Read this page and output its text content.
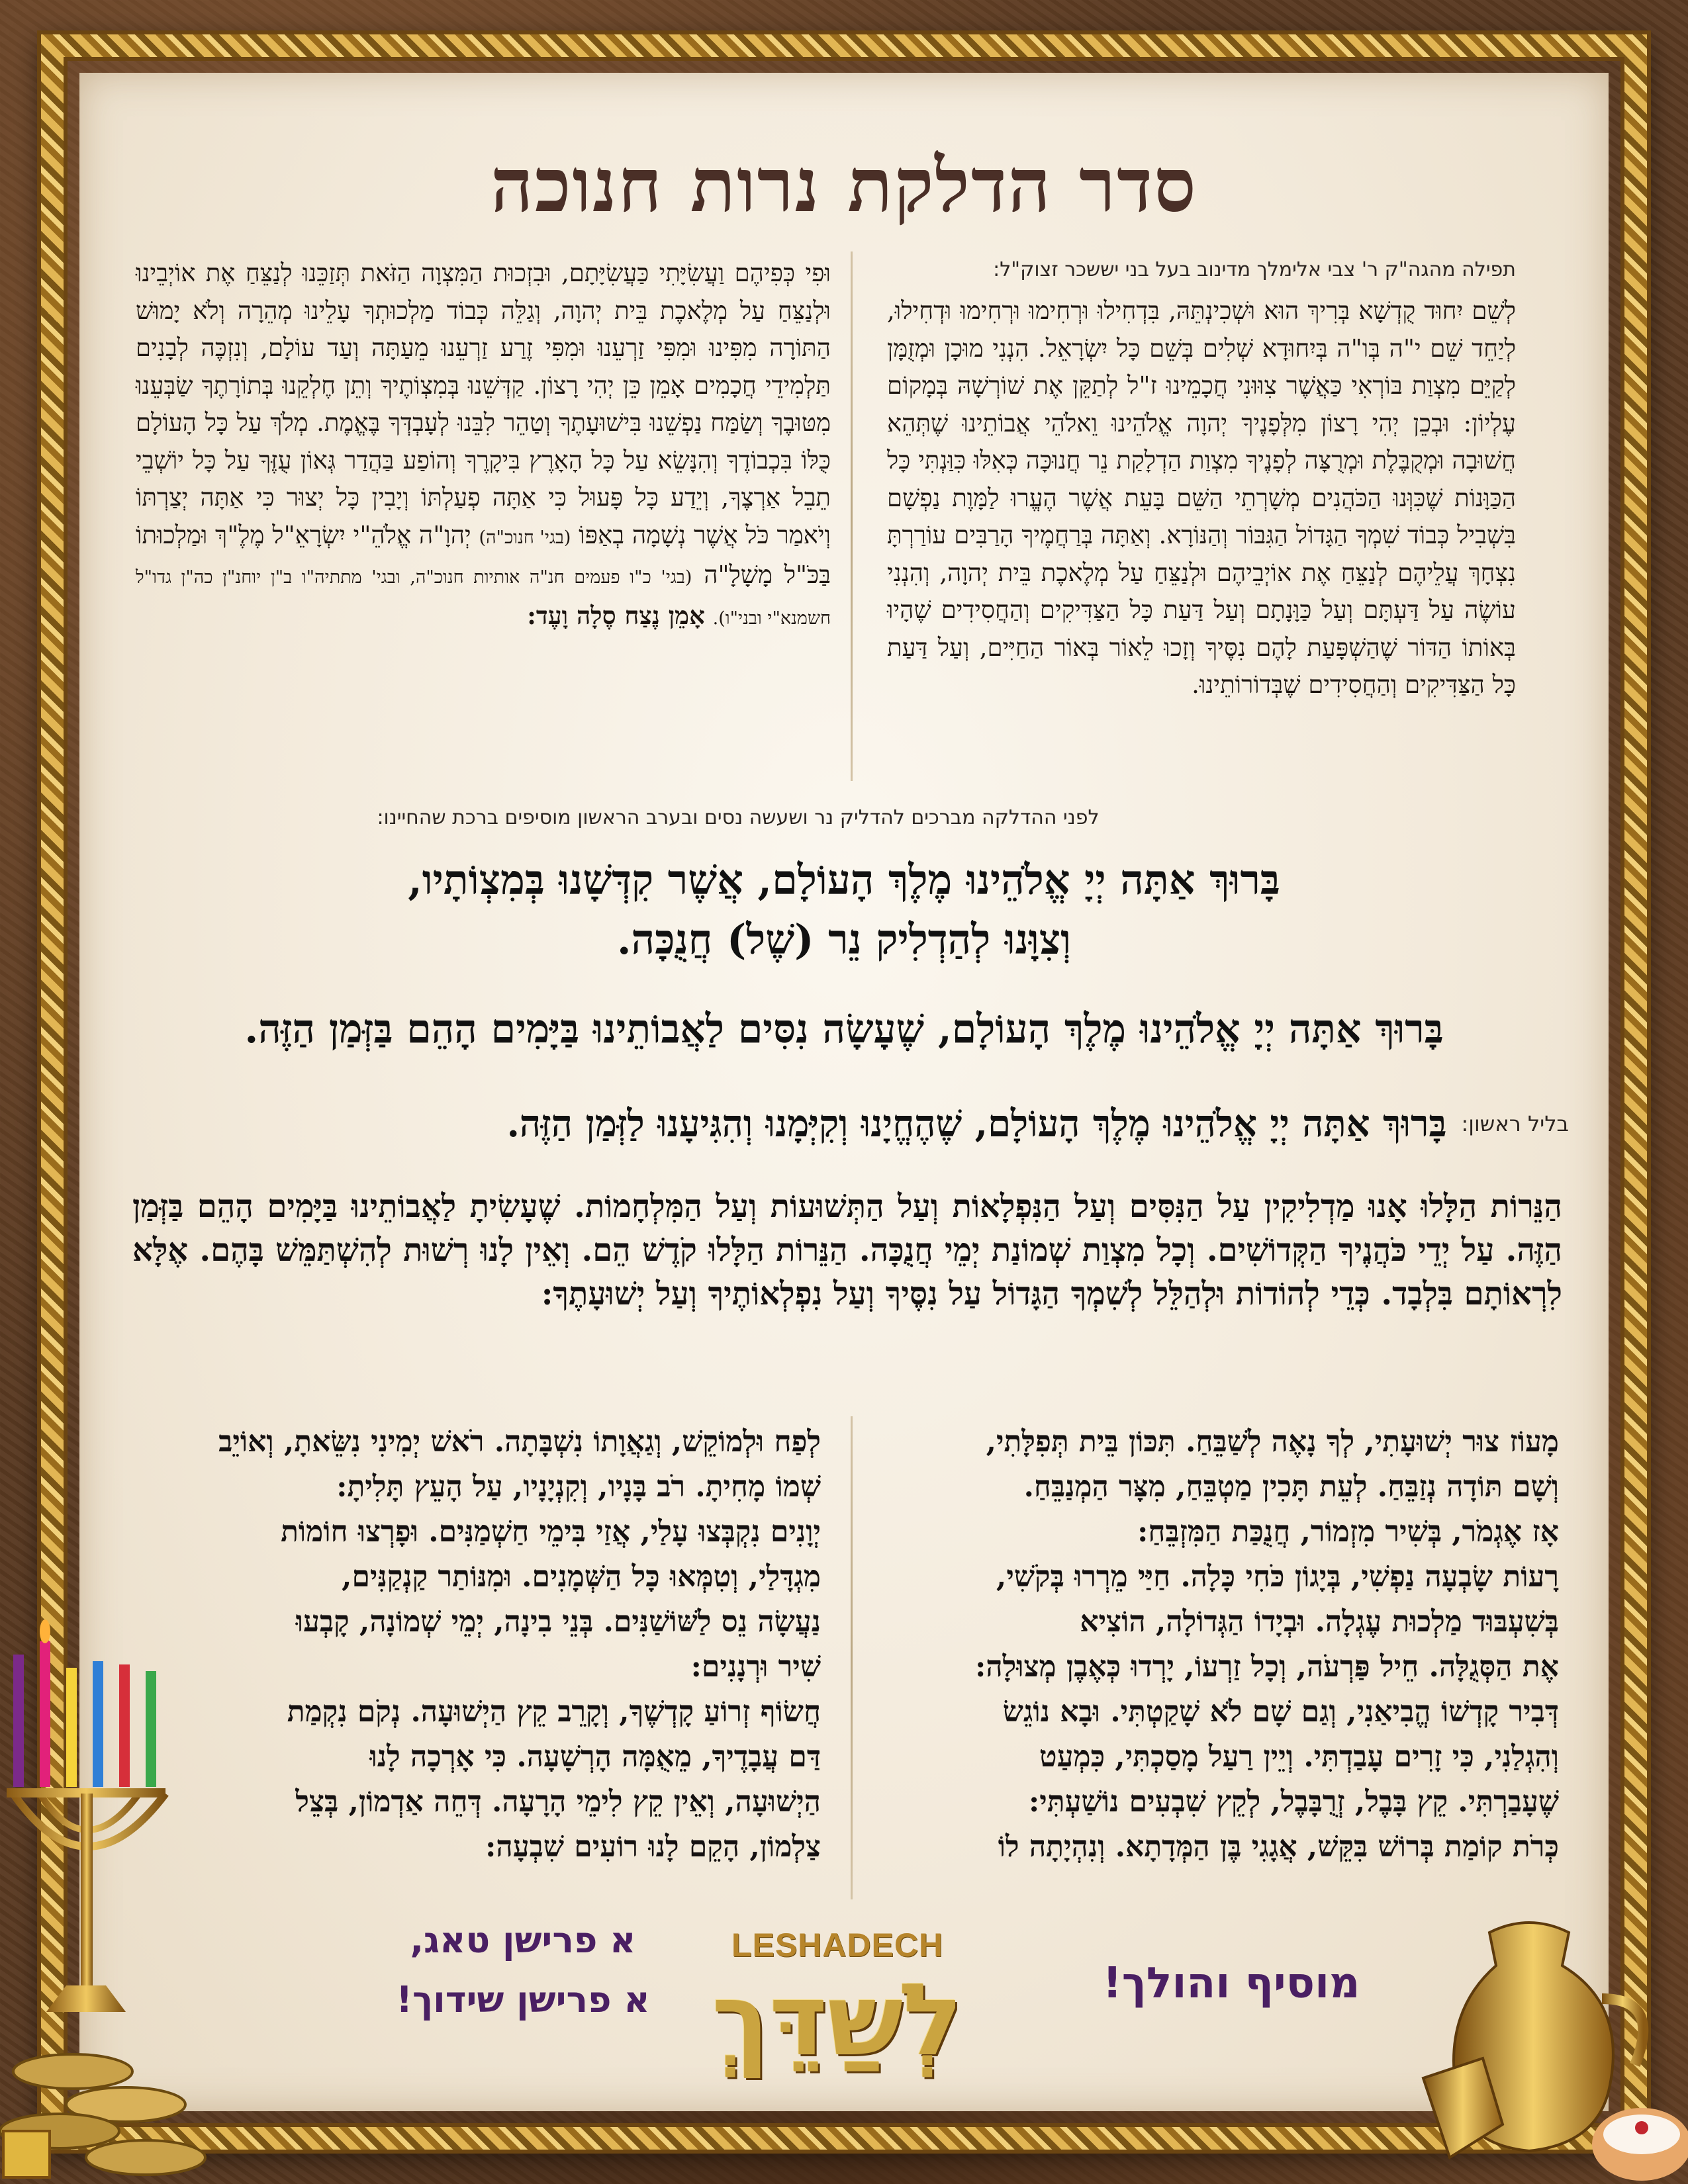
סדר הדלקת נרות חנוכה
תפילה מהגה"ק ר' צבי אלימלך מדינוב בעל בני יששכר זצוק"ל:
לְשֵׁם יִחוּד קֻדְשָׁא בְּרִיךְ הוּא וּשְׁכִינְתֵּהּ, בִּדְחִילוּ וּרְחִימוּ וּרְחִימוּ וּדְחִילוּ, לְיַחֵד שֵׁם י"ה בְּו"ה בְּיִחוּדָא שְׁלִים בְּשֵׁם כָּל יִשְׂרָאֵל. הִנְנִי מוּכָן וּמְזֻמָּן לְקַיֵּם מִצְוַת בּוֹרְאִי כַּאֲשֶׁר צִוּוּנִי חֲכָמֵינוּ ז"ל לְתַקֵּן אֶת שׁוֹרְשָׁהּ בְּמָקוֹם עֶלְיוֹן: וּבְכֵן יְהִי רָצוֹן מִלְּפָנֶיךָ יְהוָה אֱלֹהֵינוּ וֵאלֹהֵי אֲבוֹתֵינוּ שֶׁתְּהֵא חֲשׁוּבָה וּמְקֻבֶּלֶת וּמְרֻצָּה לְפָנֶיךָ מִצְוַת הַדְלָקַת נֵר חֲנוּכָּה כְּאִלּוּ כִּוַּנְתִּי כָּל הַכַּוָּנוֹת שֶׁכִּוְּנוּ הַכֹּהֲנִים מְשָׁרְתֵי הַשֵּׁם בָּעֵת אֲשֶׁר הֶעֱרוּ לַמָּוֶת נַפְשָׁם בִּשְׁבִיל כְּבוֹד שִׁמְךָ הַגָּדוֹל הַגִּבּוֹר וְהַנּוֹרָא. וְאַתָּה בְּרַחֲמֶיךָ הָרַבִּים עוֹרַרְתָּ נִצְחָךְ עֲלֵיהֶם לְנַצֵּחַ אֶת אוֹיְבֵיהֶם וּלְנַצֵּחַ עַל מְלֶאכֶת בֵּית יְהוָה, וְהִנְנִי עוֹשֶׂה עַל דַּעְתָּם וְעַל כַּוָּנָתָם וְעַל דַּעַת כָּל הַצַּדִּיקִים וְהַחֲסִידִים שֶׁהָיוּ בְּאוֹתוֹ הַדּוֹר שֶׁהַשְׁפָּעַת לָהֶם נִסֶּיךָ וְזָכוּ לֵאוֹר בְּאוֹר הַחַיִּים, וְעַל דַּעַת כָּל הַצַּדִּיקִים וְהַחֲסִידִים שֶׁבְּדוֹרוֹתֵינוּ.
וּפִי כְּפִיהֶם וַעֲשִׂיָּתִי כַּעֲשִׂיָּתָם, וּבִזְכוּת הַמִּצְוָה הַזֹּאת תְּזַכֵּנוּ לְנַצֵּחַ אֶת אוֹיְבֵינוּ וּלְנַצֵּחַ עַל מְלֶאכֶת בֵּית יְהוָה, וְגַלֵּה כְּבוֹד מַלְכוּתְךָ עָלֵינוּ מְהֵרָה וְלֹא יָמוּשׁ הַתּוֹרָה מִפִּינוּ וּמִפִּי זַרְעֵנוּ וּמִפִּי זֶרַע זַרְעֵנוּ מֵעַתָּה וְעַד עוֹלָם, וְנִזְכֶּה לְבָנִים תַּלְמִידֵי חֲכָמִים אָמֵן כֵּן יְהִי רָצוֹן. קַדְּשֵׁנוּ בְּמִצְוֹתֶיךָ וְתֵן חֶלְקֵנוּ בְּתוֹרָתֶךָ שַׂבְּעֵנוּ מִטּוּבֶךָ וְשַׂמַּח נַפְשֵׁנוּ בִּישׁוּעָתֶךָ וְטַהֵר לִבֵּנוּ לְעָבְדְּךָ בֶּאֱמֶת. מְלֹךְ עַל כָּל הָעוֹלָם כֻּלּוֹ בִּכְבוֹדֶךָ וְהִנָּשֵׂא עַל כָּל הָאָרֶץ בִּיקָרֶךָ וְהוֹפַע בַּהֲדַר גְּאוֹן עֻזֶּךָ עַל כָּל יוֹשְׁבֵי תֵבֵל אַרְצֶךָ, וְיֵדַע כָּל פָּעוּל כִּי אַתָּה פְעַלְתּוֹ וְיָבִין כָּל יְצוּר כִּי אַתָּה יְצַרְתּוֹ וְיֹאמַר כֹּל אֲשֶׁר נְשָׁמָה בְאַפּוֹ (בגי' חנוכ"ה) יְהוָ"ה אֱלֹהֵ"י יִשְׂרָאֵ"ל מֶלֶ"ךְ וּמַלְכוּתוֹ בַּכֹּ"ל מָשָׁלָ"ה (בגי' כ"ו פעמים חנ"ה אותיות חנוכ"ה, ובגי' מתתיה"ו ב"ן יוחנ"ן כה"ן גדו"ל חשמנא"י ובני"ו). אָמֵן נֶצַח סֶלָה וָעֶד:
לפני ההדלקה מברכים להדליק נר ושעשה נסים ובערב הראשון מוסיפים ברכת שהחיינו:
בָּרוּךְ אַתָּה יְיָ אֱלֹהֵינוּ מֶלֶךְ הָעוֹלָם, אֲשֶׁר קִדְּשָׁנוּ בְּמִצְוֹתָיו,
וְצִוָּנוּ לְהַדְלִיק נֵר (שֶׁל) חֲנֻכָּה.
בָּרוּךְ אַתָּה יְיָ אֱלֹהֵינוּ מֶלֶךְ הָעוֹלָם, שֶׁעָשָׂה נִסִּים לַאֲבוֹתֵינוּ בַּיָּמִים הָהֵם בַּזְּמַן הַזֶּה.
בליל ראשון:
בָּרוּךְ אַתָּה יְיָ אֱלֹהֵינוּ מֶלֶךְ הָעוֹלָם, שֶׁהֶחֱיָנוּ וְקִיְּמָנוּ וְהִגִּיעָנוּ לַזְּמַן הַזֶּה.
הַנֵּרוֹת הַלָּלוּ אָנוּ מַדְלִיקִין עַל הַנִּסִּים וְעַל הַנִּפְלָאוֹת וְעַל הַתְּשׁוּעוֹת וְעַל הַמִּלְחָמוֹת. שֶׁעָשִׂיתָ לַאֲבוֹתֵינוּ בַּיָּמִים הָהֵם בַּזְּמַן הַזֶּה. עַל יְדֵי כֹּהֲנֶיךָ הַקְּדוֹשִׁים. וְכָל מִצְוַת שְׁמוֹנַת יְמֵי חֲנֻכָּה. הַנֵּרוֹת הַלָּלוּ קֹדֶשׁ הֵם. וְאֵין לָנוּ רְשׁוּת לְהִשְׁתַּמֵּשׁ בָּהֶם. אֶלָּא לִרְאוֹתָם בִּלְבָד. כְּדֵי לְהוֹדוֹת וּלְהַלֵּל לְשִׁמְךָ הַגָּדוֹל עַל נִסֶּיךָ וְעַל נִפְלְאוֹתֶיךָ וְעַל יְשׁוּעָתֶךָ:
מָעוֹז צוּר יְשׁוּעָתִי, לְךָ נָאֶה לְשַׁבֵּחַ. תִּכּוֹן בֵּית תְּפִלָּתִי,
וְשָׁם תּוֹדָה נְזַבֵּחַ. לְעֵת תָּכִין מַטְבֵּחַ, מִצָּר הַמְנַבֵּחַ.
אָז אֶגְמֹר, בְּשִׁיר מִזְמוֹר, חֲנֻכַּת הַמִּזְבֵּחַ:
רָעוֹת שָׂבְעָה נַפְשִׁי, בְּיָגוֹן כֹּחִי כָּלָה. חַיַּי מֵרְרוּ בְּקֹשִׁי,
בְּשִׁעְבּוּד מַלְכוּת עֶגְלָה. וּבְיָדוֹ הַגְּדוֹלָה, הוֹצִיא
אֶת הַסְּגֻלָּה. חֵיל פַּרְעֹה, וְכָל זַרְעוֹ, יָרְדוּ כְּאֶבֶן מְצוּלָה:
דְּבִיר קָדְשׁוֹ הֱבִיאַנִי, וְגַם שָׁם לֹא שָׁקַטְתִּי. וּבָא נוֹגֵשׂ
וְהִגְלַנִי, כִּי זָרִים עָבַדְתִּי. וְיֵין רַעַל מָסַכְתִּי, כִּמְעַט
שֶׁעָבַרְתִּי. קֵץ בָּבֶל, זְרֻבָּבֶל, לְקֵץ שִׁבְעִים נוֹשַׁעְתִּי:
כְּרֹת קוֹמַת בְּרוֹשׁ בִּקֵּשׁ, אֲגָגִי בֶּן הַמְּדָתָא. וְנִהְיָתָה לוֹ
לְפַח וּלְמוֹקֵשׁ, וְגַאֲוָתוֹ נִשְׁבָּתָה. רֹאשׁ יְמִינִי נִשֵּׂאתָ, וְאוֹיֵב
שְׁמוֹ מָחִיתָ. רֹב בָּנָיו, וְקִנְיָנָיו, עַל הָעֵץ תָּלִיתָ:
יְוָנִים נִקְבְּצוּ עָלַי, אֲזַי בִּימֵי חַשְׁמַנִּים. וּפָרְצוּ חוֹמוֹת
מִגְדָּלַי, וְטִמְּאוּ כָּל הַשְּׁמָנִים. וּמִנּוֹתַר קַנְקַנִּים,
נַעֲשָׂה נֵס לַשּׁוֹשַׁנִּים. בְּנֵי בִינָה, יְמֵי שְׁמוֹנָה, קָבְעוּ
שִׁיר וּרְנָנִים:
חֲשׂוֹף זְרוֹעַ קָדְשֶׁךָ, וְקָרֵב קֵץ הַיְשׁוּעָה. נְקֹם נִקְמַת
דַּם עֲבָדֶיךָ, מֵאֻמָּה הָרְשָׁעָה. כִּי אָרְכָה לָנוּ
הַיְשׁוּעָה, וְאֵין קֵץ לִימֵי הָרָעָה. דְּחֵה אַדְמוֹן, בְּצֵל
צַלְמוֹן, הָקֵם לָנוּ רוֹעִים שִׁבְעָה:
מוסיף והולך!
LESHADECH
לְשַׁדֵּךְ
א פרישן טאג,
א פרישן שידוך!
